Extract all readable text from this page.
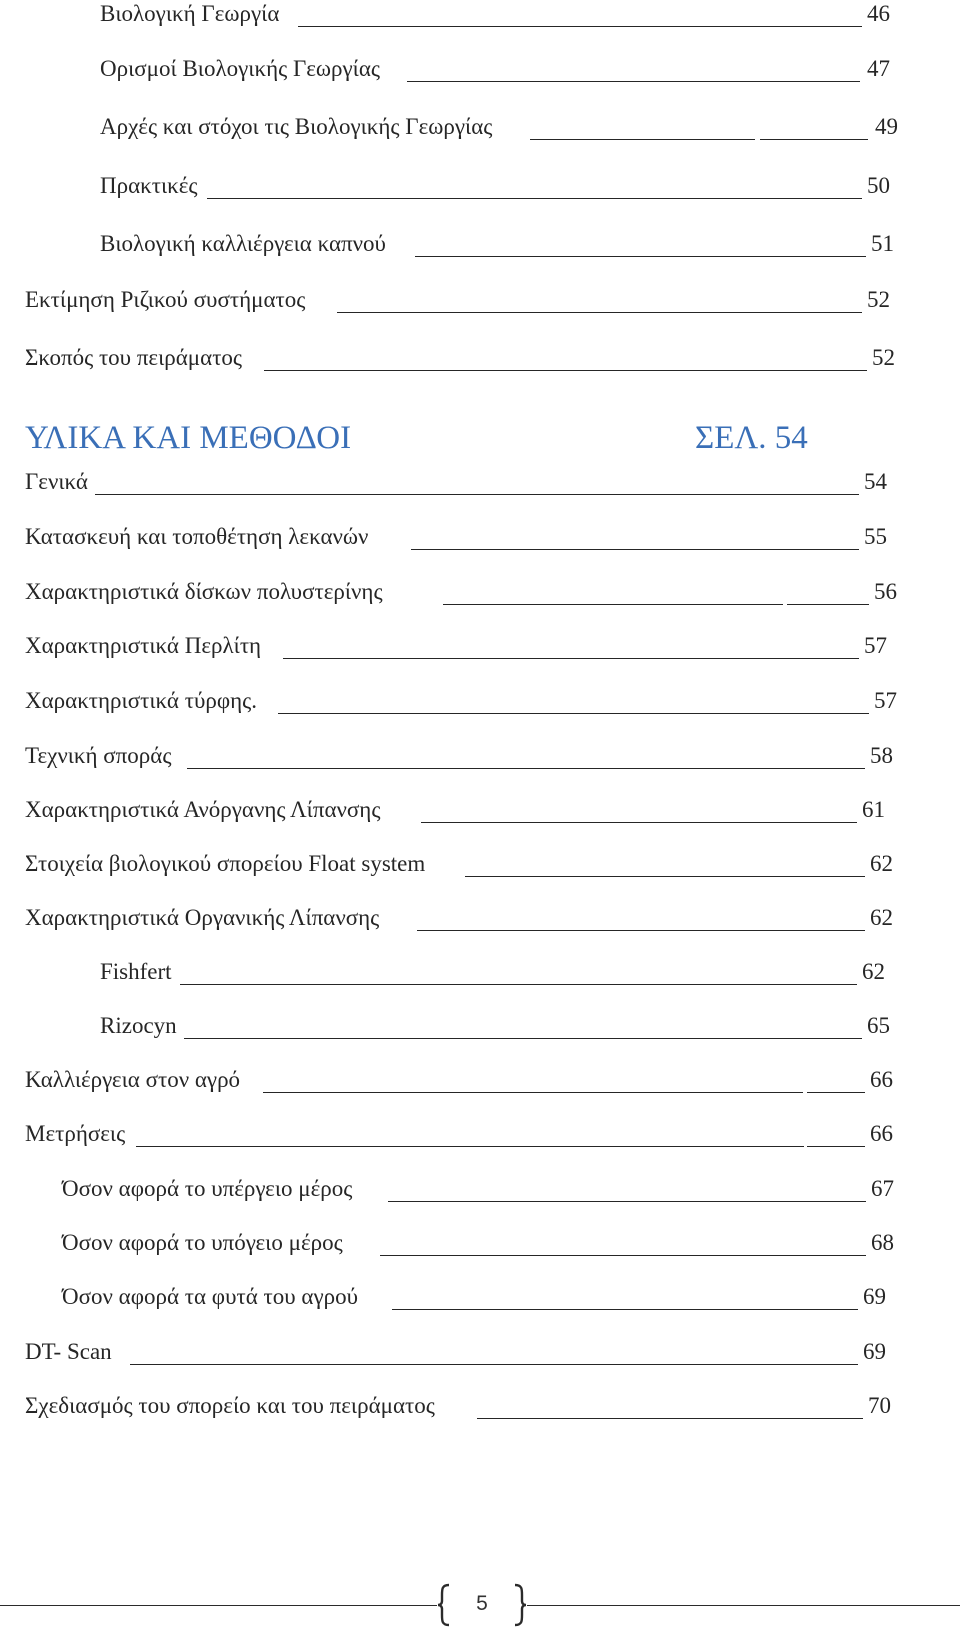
Βιολογική Γεωργία	46
Ορισμοί Βιολογικής Γεωργίας	47
Αρχές και στόχοι τις Βιολογικής Γεωργίας	49
Πρακτικές	50
Βιολογική καλλιέργεια καπνού	51
Εκτίμηση Ριζικού συστήματος	52
Σκοπός του πειράματος	52
ΥΛΙΚΑ ΚΑΙ ΜΕΘΟΔΟΙ	ΣΕΛ. 54
Γενικά	54
Κατασκευή και τοποθέτηση λεκανών	55
Χαρακτηριστικά δίσκων πολυστερίνης	56
Χαρακτηριστικά Περλίτη	57
Χαρακτηριστικά τύρφης.	57
Τεχνική σποράς	58
Χαρακτηριστικά Ανόργανης Λίπανσης	61
Στοιχεία βιολογικού σπορείου Float system	62
Χαρακτηριστικά Οργανικής Λίπανσης	62
Fishfert	62
Rizocyn	65
Καλλιέργεια στον αγρό	66
Μετρήσεις	66
Όσον αφορά το υπέργειο μέρος	67
Όσον αφορά το υπόγειο μέρος	68
Όσον αφορά τα φυτά του αγρού	69
DT- Scan	69
Σχεδιασμός του σπορείο και του πειράματος	70
5
